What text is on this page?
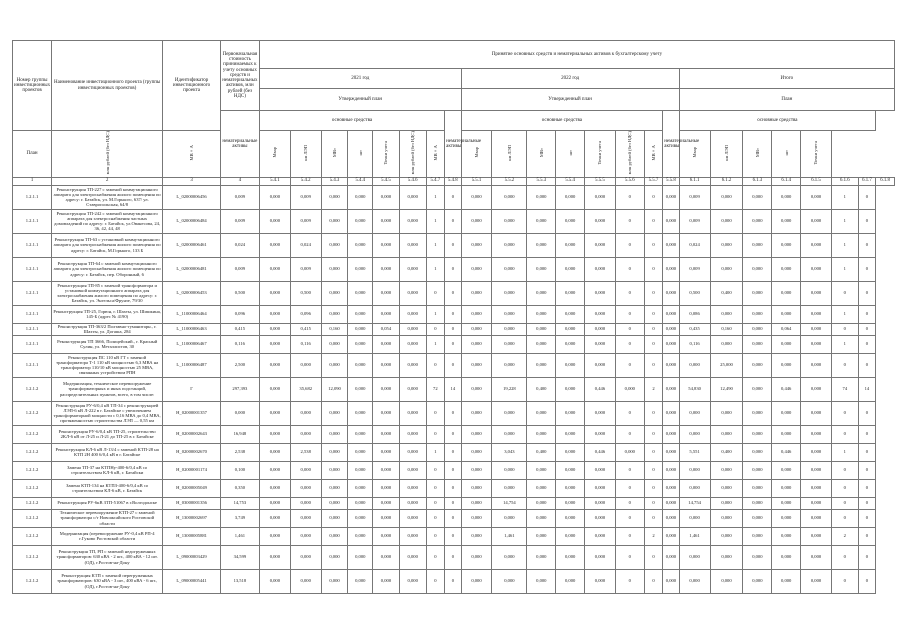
Номер группы инвестиционных проектов	Наименование инвестиционного проекта (группы инвестиционных проектов)	Идентификатор инвестиционного проекта	Первоначальная стоимость принимаемых к учету основных средств и нематериальных активов, млн рублей (без НДС)	Принятие основных средств и нематериальных активов к бухгалтерскому учету																							
				2021 год								2022 год								Итого							
				Утвержденный план								Утвержденный план								План							
			нематериальные активы	основные средства							нематериальные активы	основные средства							нематериальные активы	основные средства							
План	млн рублей (без НДС)	МВ×А		Мвар	км ЛЭП	МВт	шт	Точки учета	млн рублей (без НДС)	МВ×А		Мвар	км ЛЭП	МВт	шт	Точки учета	млн рублей (без НДС)	МВ×А		Мвар	км ЛЭП	МВт	шт	Точки учета			
1	2	3	4	5.4.1	5.4.2	5.4.3	5.4.4	5.4.5	5.4.6	5.4.7	5.4.8	5.5.1	5.5.2	5.5.3	5.5.4	5.5.5	5.5.6	5.5.7	5.5.8	6.1.1	6.1.2	6.1.3	6.1.4	6.1.5	6.1.6	6.1.7	6.1.8
1.2.1.1	Реконструкция ТП-227 с заменой коммутационного аппарата для электроснабжения жилого помещения по адресу: г. Батайск, ул. М.Горького, 637/ ул. Ставропольская, 64/8	L_02000006456	0,009	0,000	0,009	0,000	0,000	0,000	0,000	1	0	0,000	0,000	0,000	0,000	0,000	0	0	0,000	0,009	0,000	0,000	0,000	0,000	1	0	
1.2.1.1	Реконструкция ТП-242 с заменой коммутационного аппарата для электроснабжения частных домовладений по адресу: г. Батайск, ул.Ованесова, 24, 36, 42, 44, 48	L_02000006484	0,009	0,000	0,009	0,000	0,000	0,000	0,000	1	0	0,000	0,000	0,000	0,000	0,000	0	0	0,000	0,009	0,000	0,000	0,000	0,000	1	0	
1.2.1.1	Реконструкция ТП-63 с установкой коммутационного аппарата для электроснабжения жилого помещения по адресу: г. Батайск, М.Горького, 133 Б	L_02000006461	0,024	0,000	0,024	0,000	0,000	0,000	0,000	1	0	0,000	0,000	0,000	0,000	0,000	0	0	0,000	0,024	0,000	0,000	0,000	0,000	1	0	
1.2.1.1	Реконструкция ТП-64 с заменой коммутационного аппарата для электроснабжения жилого помещения по адресу: г. Батайск, пер. Оборонный, 6	L_02000006481	0,009	0,000	0,009	0,000	0,000	0,000	0,000	1	0	0,000	0,000	0,000	0,000	0,000	0	0	0,000	0,009	0,000	0,000	0,000	0,000	1	0	
1.2.1.1	Реконструкция ТП-85 с заменой трансформатора и установкой коммутационного аппарата для электроснабжения жилого помещения по адресу: г. Батайск, ул. Энгельса/Фрунзе, 79/30	L_02000006453	0,500	0,000	0,500	0,000	0,000	0,000	0,000	0	0	0,000	0,000	0,000	0,000	0,000	0	0	0,000	0,500	0,400	0,000	0,000	0,000	0	0	
1.2.1.1	Реконструкция ТП-25, Горюн, г. Шахты, ул. Шишкина, 145-Б (адрес № 4190)	L_11000006464	0,096	0,000	0,096	0,000	0,000	0,000	0,000	1	0	0,000	0,000	0,000	0,000	0,000	0	0	0,000	0,086	0,000	0,000	0,000	0,000	1	0	
1.2.1.1	Реконструкция ТП-363/2 Полтавно-гуманитарн., г. Шахты, ул. Догаша, 284	L_11000006463	0,415	0,000	0,415	0,160	0,000	0,054	0,000	0	0	0,000	0,000	0,000	0,000	0,000	0	0	0,000	0,435	0,160	0,000	0,064	0,000	0	0	
1.2.1.1	Реконструкция ТП 3666, Полицейский., г. Красный Сулин, ул. Металлистов, 30	L_11000006467	0,116	0,000	0,116	0,000	0,000	0,000	0,000	1	0	0,000	0,000	0,000	0,000	0,000	0	0	0,000	0,116	0,000	0,000	0,000	0,000	1	0	
1.2.1.1	Реконструкция ПС 110 кВ ГТ с заменой трансформатора Т-1 110 кВ мощностью 6,3 МВА на трансформатор 110/10 кВ мощностью 25 МВА, связанных устройством РПН	L_11000006487	2,500	0,000	0,000	0,000	0,000	0,000	0,000	0	0	0,000	0,000	0,000	0,000	0,000	0	0	0,000	0,000	25,000	0,000	0,000	0,000	0	0	
1.2.1.2	Модернизация, техническое перевооружение трансформаторных и иных подстанций, распределительных пунктов, всего, в том числе:	Г	297,393	0,000	35,682	12,090	0,000	0,000	0,000	72	14	0,000	19,228	0,400	0,000	0,446	0,000	2	0,000	54,830	12,490	0,000	0,446	0,000	74	14	
1.2.1.2	Реконструкция РУ-6/0,4 кВ ТП-34 с реконструкцией ЛЭП-6 кВ Л-222 в г. Батайске с увеличением трансформаторной мощности с 0,16 МВА до 0,4 МВА, протяженностью строительства ЛЭП — 0,55 км	Н_02000001357	0,000	0,000	0,000	0,000	0,000	0,000	0,000	0	0	0,000	0,000	0,000	0,000	0,000	0	0	0,000	0,000	0,000	0,000	0,000	0,000	0	0	
1.2.1.2	Реконструкция РУ-6/0,4 кВ ТП-25, строительство 2КЛ-6 кВ от Л-25 и Л-21 до ТП-25 в г. Батайске	Н_02000002643	16,948	0,000	0,000	0,000	0,000	0,000	0,000	0	0	0,000	0,000	0,000	0,000	0,000	0	0	0,000	0,000	0,000	0,000	0,000	0,000	0	0	
1.2.1.2	Реконструкция КЛ-6 кВ Л-13/4 с заменой КТП-28 на КТП 2Н 400 6/0,4 кВ в г. Батайске	Н_02000002670	2,538	0,000	2,538	0,000	0,000	0,000	0,000	1	0	0,000	3,043	0,400	0,000	0,446	0,000	0	0,000	5,551	0,400	0,000	0,446	0,000	1	0	
1.2.1.2	Замена ТП-37 на КТПНу-400-6/0,4 кВ со строительством КЛ-6 кВ, г. Батайски	Н_02000001174	0,100	0,000	0,000	0,000	0,000	0,000	0,000	0	0	0,000	0,000	0,000	0,000	0,000	0	0	0,000	0,000	0,000	0,000	0,000	0,000	0	0	
1.2.1.2	Замена КТП-134 на КТПЗ-400-6/0,4 кВ со строительством КЛ-6 кВ, г. Батайск	Н_02000005049	0,350	0,000	0,000	0,000	0,000	0,000	0,000	0	0	0,000	0,000	0,000	0,000	0,000	0	0	0,000	0,000	0,000	0,000	0,000	0,000	0	0	
1.2.1.2	Реконструкция РУ-6кВ ЗТП-51067 в г.Волгодонске	Н_03000001356	14,753	0,000	0,000	0,000	0,000	0,000	0,000	0	0	0,000	14,754	0,000	0,000	0,000	0	0	0,000	14,754	0,000	0,000	0,000	0,000	0	0	
1.2.1.2	Техническое перевооружение КТП-27 с заменой трансформатора с/т Новоаксайского Ростовской области	Н_13000002697	3,749	0,000	0,000	0,000	0,000	0,000	0,000	0	0	0,000	0,000	0,000	0,000	0,000	0	0	0,000	0,000	0,000	0,000	0,000	0,000	0	0	
1.2.1.2	Модернизация (перевооружение РУ-0,4 кВ РП-4 г.Гуково Ростовской области	Н_13000005881	1,461	0,000	0,000	0,000	0,000	0,000	0,000	0	0	0,000	1,461	0,000	0,000	0,000	0	2	0,000	1,461	0,000	0,000	0,000	0,000	2	0	
1.2.1.2	Реконструкция ТП, РП с заменой недогруженных трансформаторов: 630 кВА - 2 шт., 400 кВА - 12 шт. (ОД), г.Ростов-на-Дону	L_09000003429	34,599	0,000	0,000	0,000	0,000	0,000	0,000	0	0	0,000	0,000	0,000	0,000	0,000	0	0	0,000	0,000	0,000	0,000	0,000	0,000	0	0	
1.2.1.2	Реконструкция КТП с заменой перегруженных трансформаторов: 630 кВА - 3 шт., 400 кВА - 6 шт., (ОД), г.Ростов-на-Дону	L_09000005441	13,518	0,000	0,000	0,000	0,000	0,000	0,000	0	0	0,000	0,000	0,000	0,000	0,000	0	0	0,000	0,000	0,000	0,000	0,000	0,000	0	0	
